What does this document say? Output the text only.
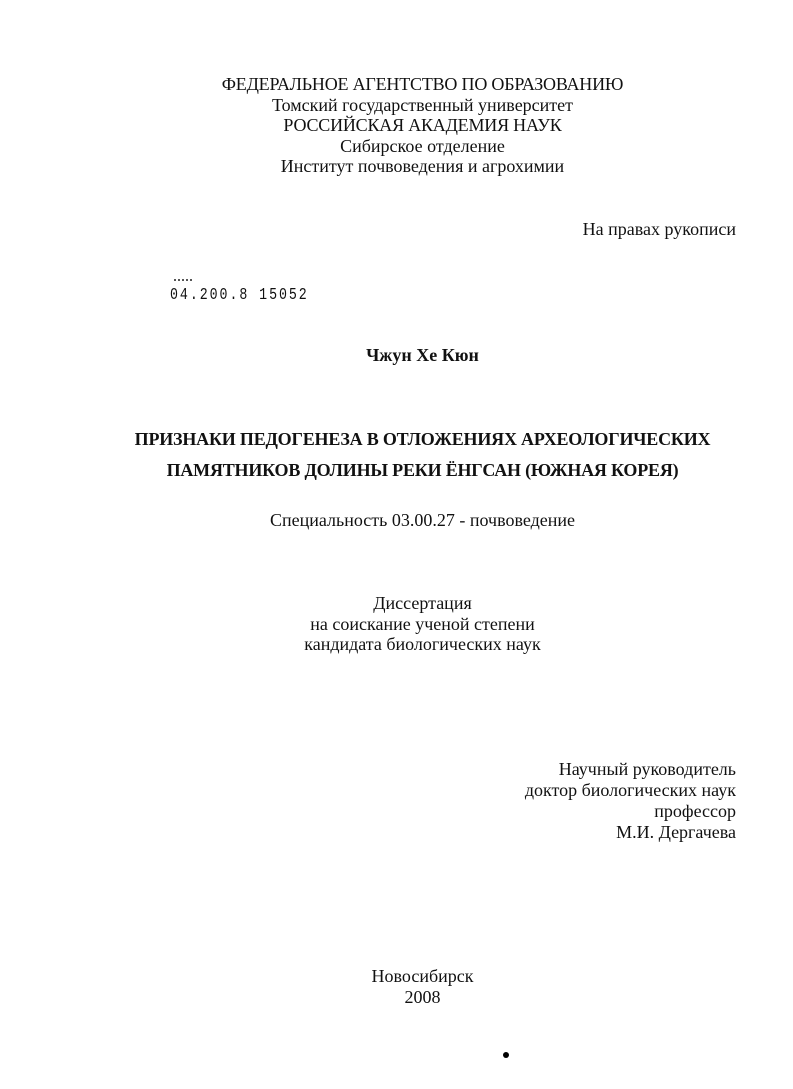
ФЕДЕРАЛЬНОЕ АГЕНТСТВО ПО ОБРАЗОВАНИЮ
Томский государственный университет
РОССИЙСКАЯ АКАДЕМИЯ НАУК
Сибирское отделение
Институт почвоведения и агрохимии
На правах рукописи
04.200.8 15052
Чжун Хе Кюн
ПРИЗНАКИ ПЕДОГЕНЕЗА В ОТЛОЖЕНИЯХ АРХЕОЛОГИЧЕСКИХ
ПАМЯТНИКОВ ДОЛИНЫ РЕКИ ЁНГСАН (ЮЖНАЯ КОРЕЯ)
Специальность 03.00.27 - почвоведение
Диссертация
на соискание ученой степени
кандидата биологических наук
Научный руководитель
доктор биологических наук
профессор
М.И. Дергачева
Новосибирск
2008
